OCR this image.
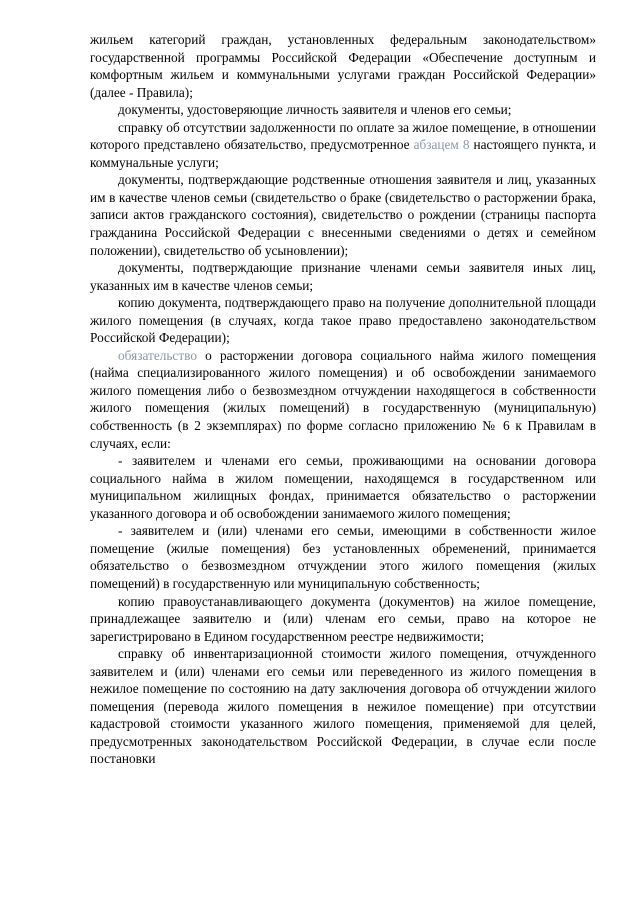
жильем категорий граждан, установленных федеральным законодательством» государственной программы Российской Федерации «Обеспечение доступным и комфортным жильем и коммунальными услугами граждан Российской Федерации» (далее - Правила);

документы, удостоверяющие личность заявителя и членов его семьи;

справку об отсутствии задолженности по оплате за жилое помещение, в отношении которого представлено обязательство, предусмотренное абзацем 8 настоящего пункта, и коммунальные услуги;

документы, подтверждающие родственные отношения заявителя и лиц, указанных им в качестве членов семьи (свидетельство о браке (свидетельство о расторжении брака, записи актов гражданского состояния), свидетельство о рождении (страницы паспорта гражданина Российской Федерации с внесенными сведениями о детях и семейном положении), свидетельство об усыновлении);

документы, подтверждающие признание членами семьи заявителя иных лиц, указанных им в качестве членов семьи;

копию документа, подтверждающего право на получение дополнительной площади жилого помещения (в случаях, когда такое право предоставлено законодательством Российской Федерации);

обязательство о расторжении договора социального найма жилого помещения (найма специализированного жилого помещения) и об освобождении занимаемого жилого помещения либо о безвозмездном отчуждении находящегося в собственности жилого помещения (жилых помещений) в государственную (муниципальную) собственность (в 2 экземплярах) по форме согласно приложению № 6 к Правилам в случаях, если:

- заявителем и членами его семьи, проживающими на основании договора социального найма в жилом помещении, находящемся в государственном или муниципальном жилищных фондах, принимается обязательство о расторжении указанного договора и об освобождении занимаемого жилого помещения;

- заявителем и (или) членами его семьи, имеющими в собственности жилое помещение (жилые помещения) без установленных обременений, принимается обязательство о безвозмездном отчуждении этого жилого помещения (жилых помещений) в государственную или муниципальную собственность;

копию правоустанавливающего документа (документов) на жилое помещение, принадлежащее заявителю и (или) членам его семьи, право на которое не зарегистрировано в Едином государственном реестре недвижимости;

справку об инвентаризационной стоимости жилого помещения, отчужденного заявителем и (или) членами его семьи или переведенного из жилого помещения в нежилое помещение по состоянию на дату заключения договора об отчуждении жилого помещения (перевода жилого помещения в нежилое помещение) при отсутствии кадастровой стоимости указанного жилого помещения, применяемой для целей, предусмотренных законодательством Российской Федерации, в случае если после постановки
